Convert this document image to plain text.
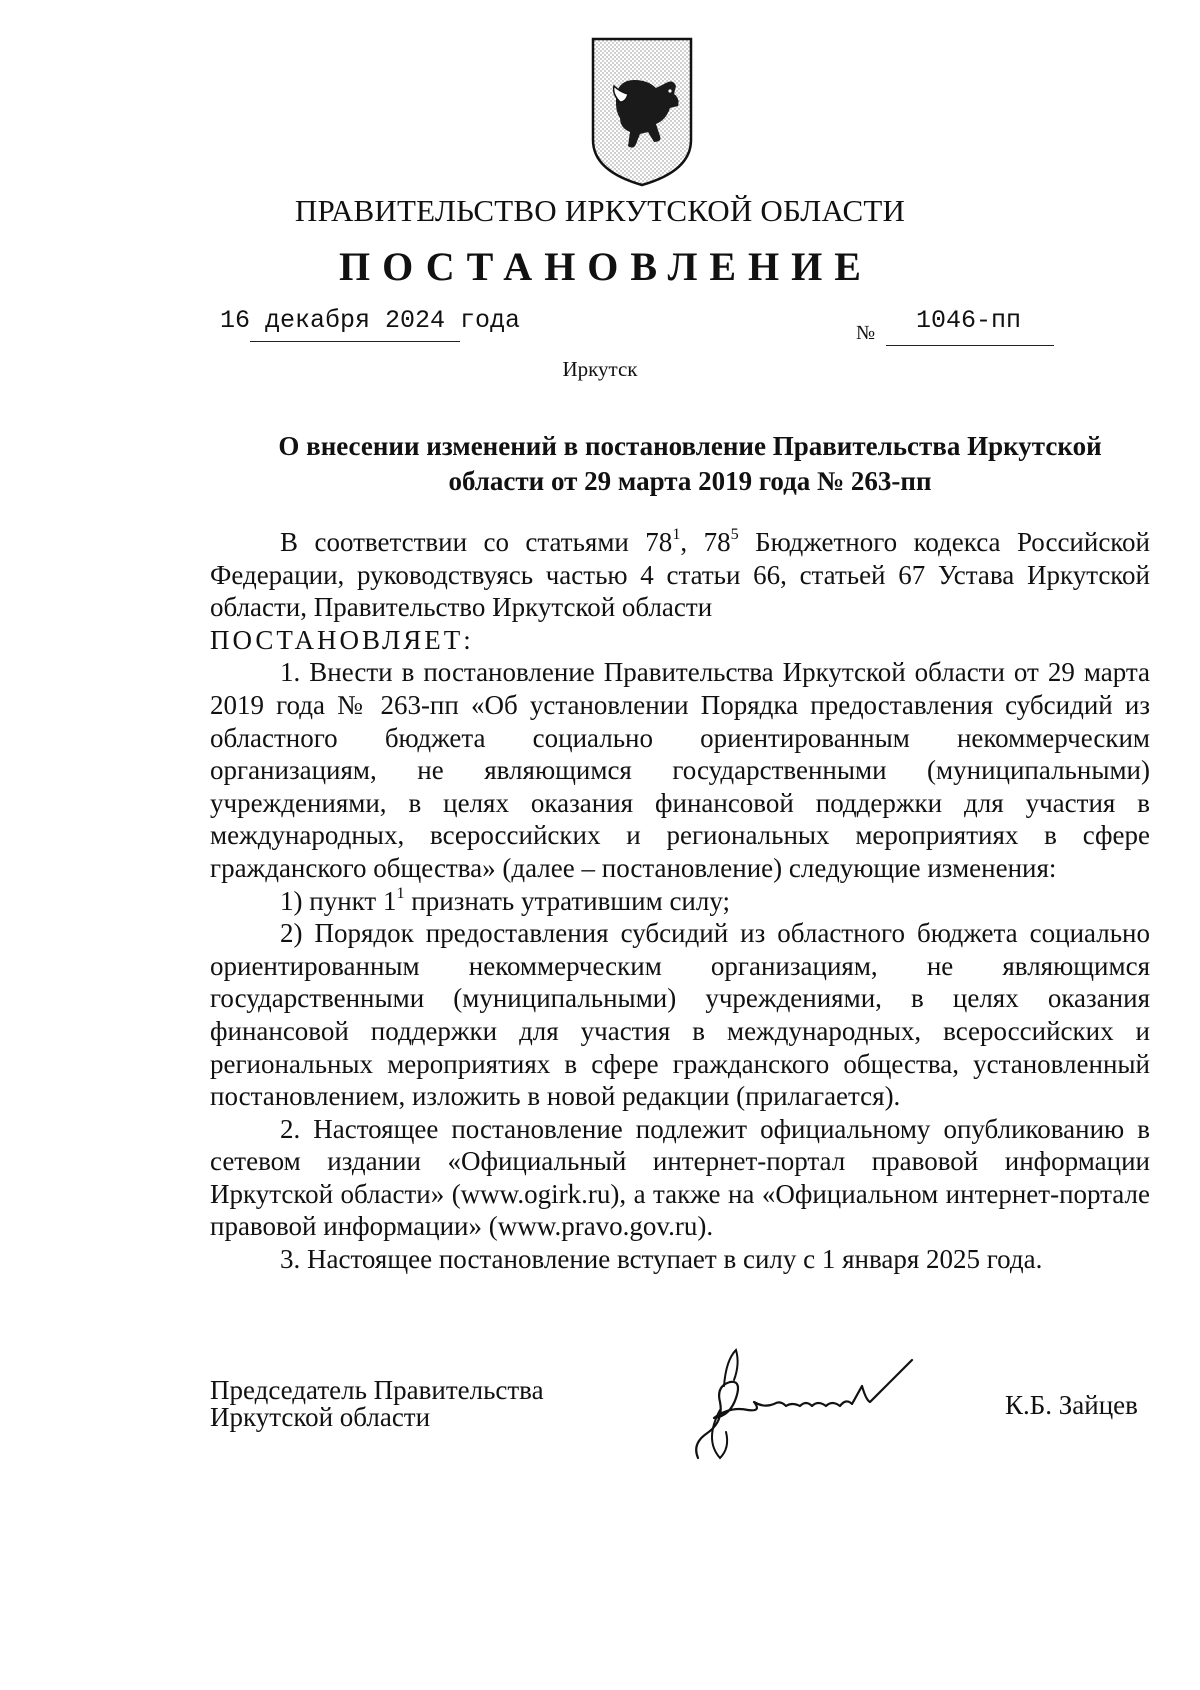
ПРАВИТЕЛЬСТВО ИРКУТСКОЙ ОБЛАСТИ
ПОСТАНОВЛЕНИЕ
16 декабря 2024 года	№ 1046-пп
Иркутск
О внесении изменений в постановление Правительства Иркутской
области от 29 марта 2019 года № 263-пп

В соответствии со статьями $78^1$, $78^5$ Бюджетного кодекса Российской Федерации, руководствуясь частью 4 статьи 66, статьей 67 Устава Иркутской области, Правительство Иркутской области

ПОСТАНОВЛЯЕТ:

1. Внести в постановление Правительства Иркутской области от 29 марта 2019 года № 263-пп «Об установлении Порядка предоставления субсидий из областного бюджета социально ориентированным некоммерческим организациям, не являющимся государственными (муниципальными) учреждениями, в целях оказания финансовой поддержки для участия в международных, всероссийских и региональных мероприятиях в сфере гражданского общества» (далее – постановление) следующие изменения:

1) пункт $1^1$ признать утратившим силу;

2) Порядок предоставления субсидий из областного бюджета социально ориентированным некоммерческим организациям, не являющимся государственными (муниципальными) учреждениями, в целях оказания финансовой поддержки для участия в международных, всероссийских и региональных мероприятиях в сфере гражданского общества, установленный постановлением, изложить в новой редакции (прилагается).

2. Настоящее постановление подлежит официальному опубликованию в сетевом издании «Официальный интернет-портал правовой информации Иркутской области» (www.ogirk.ru), а также на «Официальном интернет-портале правовой информации» (www.pravo.gov.ru).

3. Настоящее постановление вступает в силу с 1 января 2025 года.

Председатель Правительства
Иркутской области	К.Б. Зайцев
